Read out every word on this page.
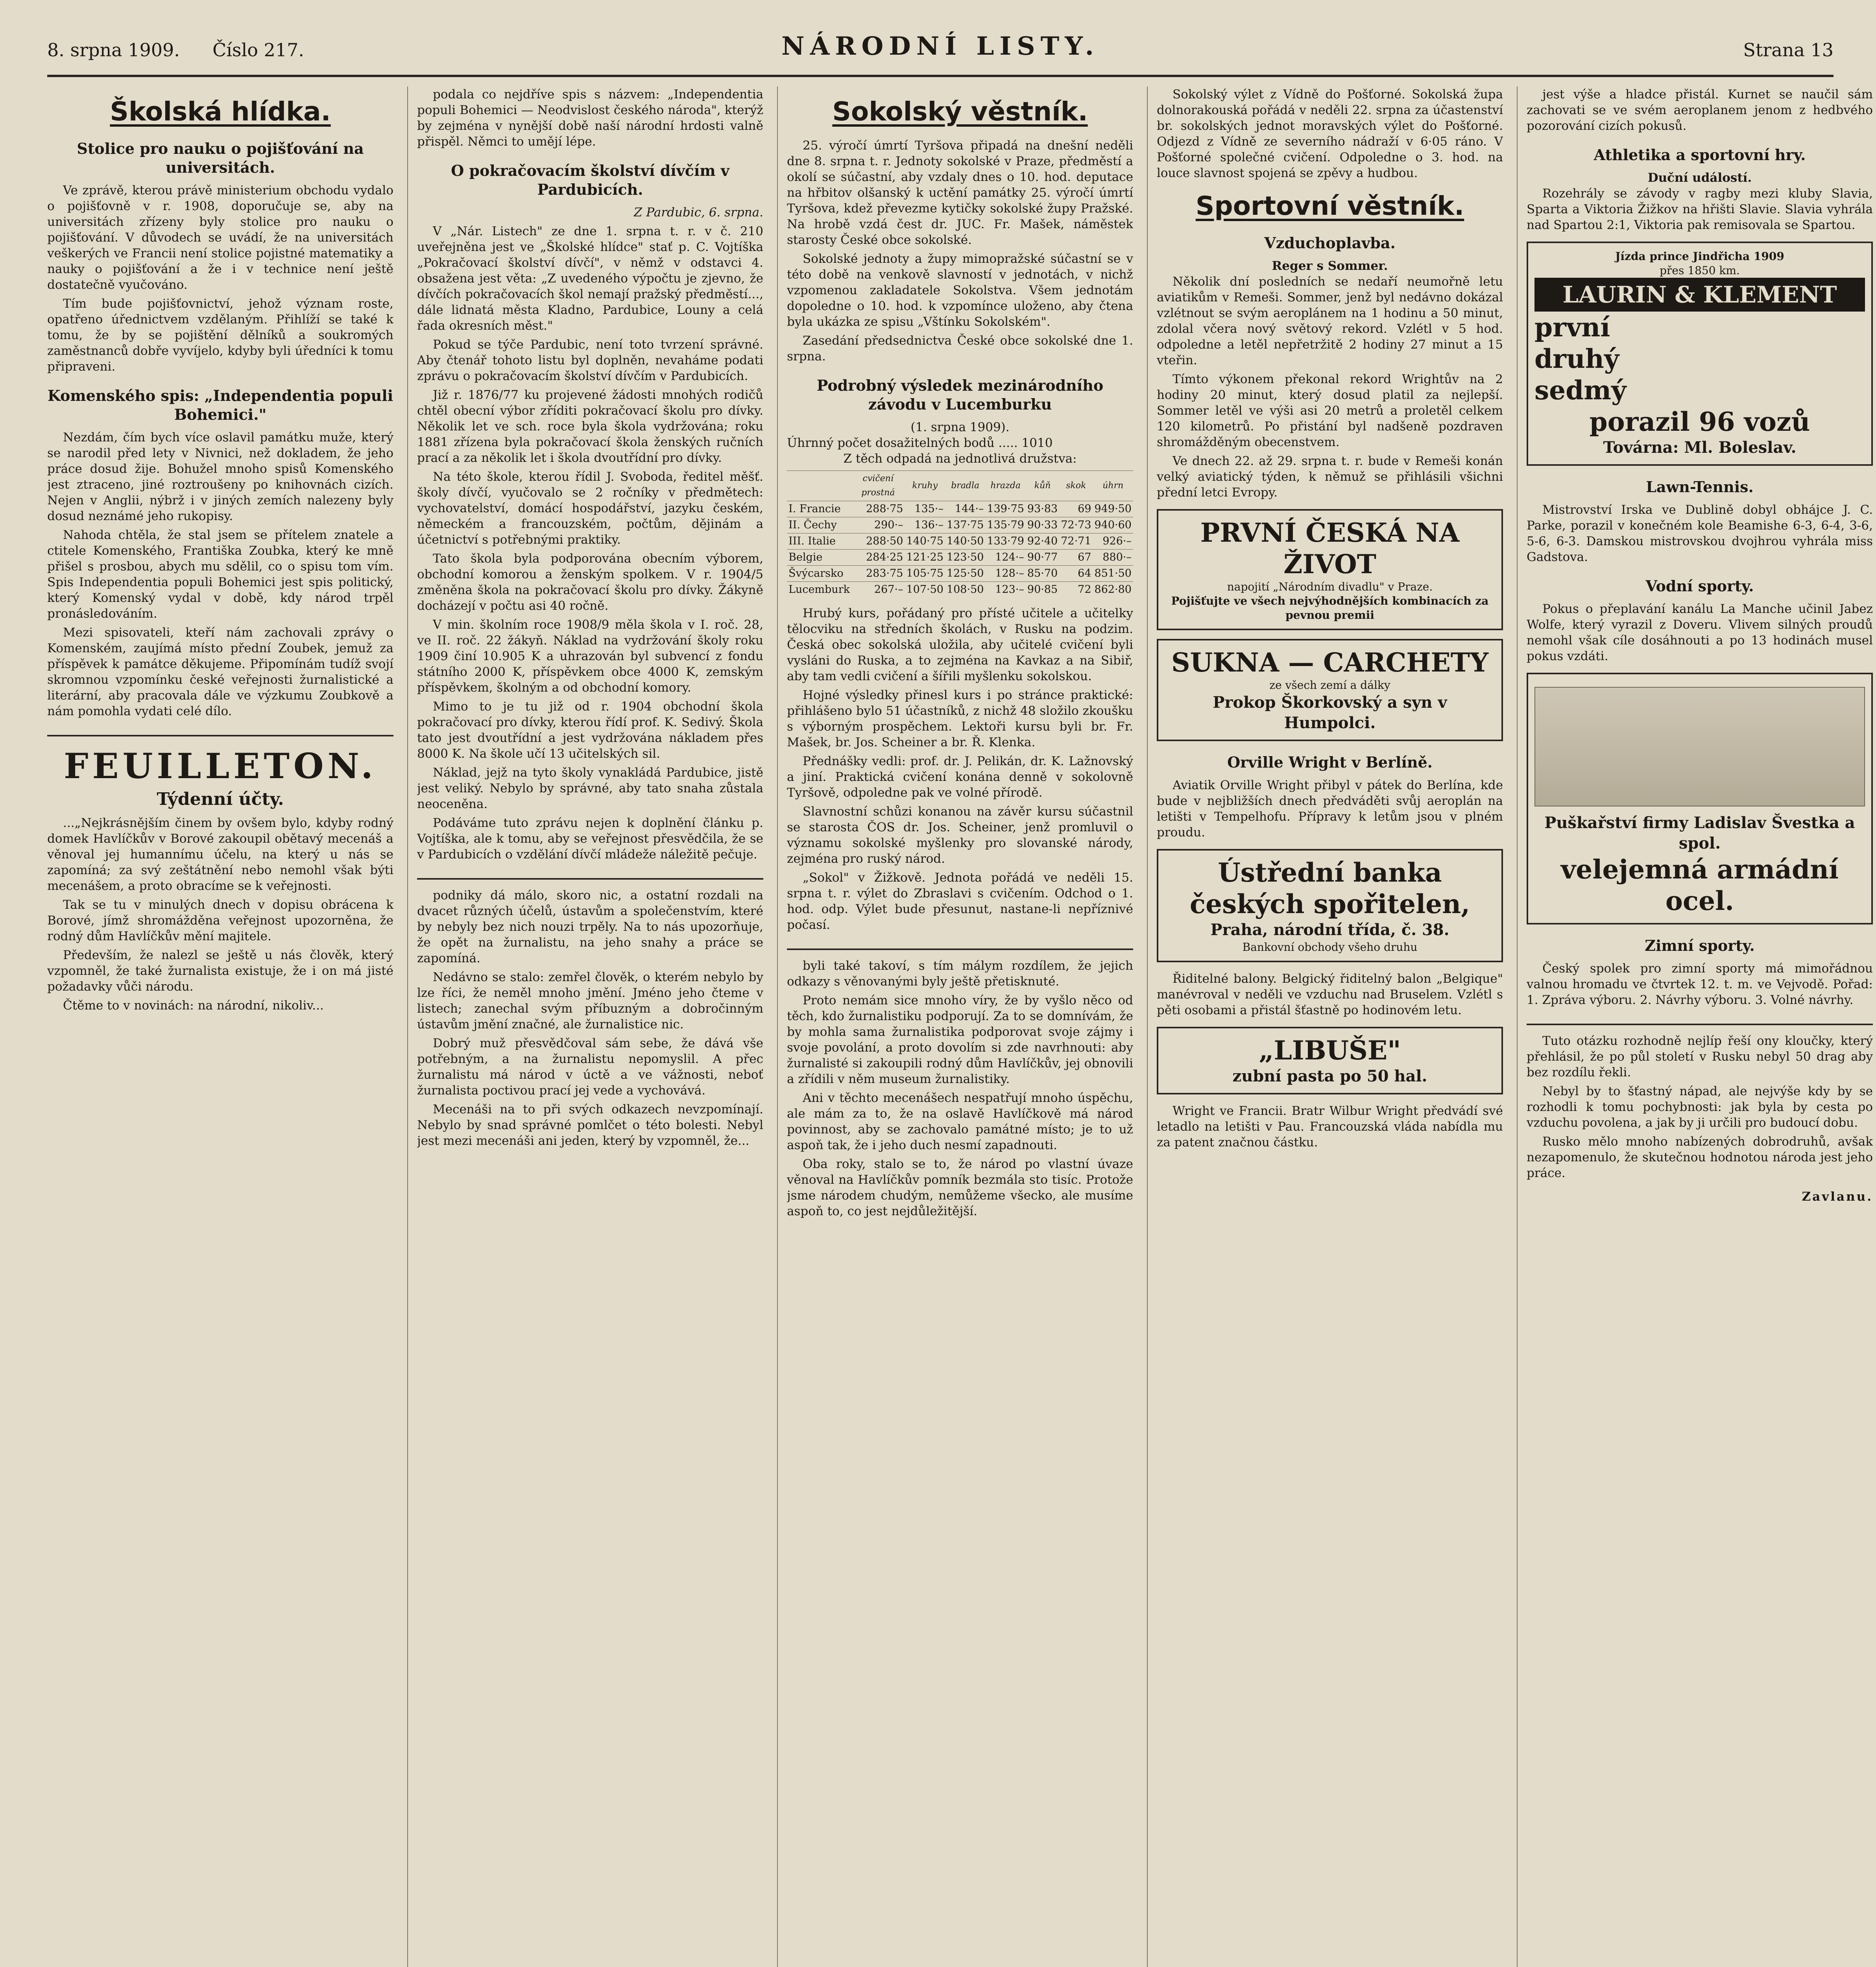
8. srpna 1909.	NÁRODNÍ LISTY.	Strana 13
Číslo 217.
Školská hlídka.
Stolice pro nauku o pojišťování na universitách.

Ve zprávě, kterou právě ministerium obchodu vydalo o pojišťovně v r. 1908, doporučuje se, aby na universitách zřízeny byly stolice pro nauku o pojišťování. V důvodech se uvádí, že na universitách veškerých ve Francii není stolice pojistné matematiky a nauky o pojišťování a že i v technice není ještě dostatečně vyučováno.

Tím bude pojišťovnictví, jehož význam roste, opatřeno úřednictvem vzdělaným. Přihlíží se také k tomu, že by se pojištění dělníků a soukromých zaměstnanců dobře vyvíjelo, kdyby byli úředníci k tomu připraveni.

Komenského spis: „Independentia populi Bohemici."

Nezdám, čím bych více oslavil památku muže, který se narodil před lety v Nivnici, než dokladem, že jeho práce dosud žije. Bohužel mnoho spisů Komenského jest ztraceno, jiné roztroušeny po knihovnách cizích. Nejen v Anglii, nýbrž i v jiných zemích nalezeny byly dosud neznámé jeho rukopisy.

Nahoda chtěla, že stal jsem se přítelem znatele a ctitele Komenského, Františka Zoubka, který ke mně přišel s prosbou, abych mu sdělil, co o spisu tom vím. Spis Independentia populi Bohemici jest spis politický, který Komenský vydal v době, kdy národ trpěl pronásledováním.

Mezi spisovateli, kteří nám zachovali zprávy o Komenském, zaujímá místo přední Zoubek, jemuž za příspěvek k památce děkujeme. Připomínám tudíž svojí skromnou vzpomínku české veřejnosti žurnalistické a literární, aby pracovala dále ve výzkumu Zoubkově a nám pomohla vydati celé dílo.

FEUILLETON.
Týdenní účty.

...„Nejkrásnějším činem by ovšem bylo, kdyby rodný domek Havlíčkův v Borové zakoupil obětavý mecenáš a věnoval jej humannímu účelu, na který u nás se zapomíná; za svý zeštátnění nebo nemohl však býti mecenášem, a proto obracíme se k veřejnosti.

Tak se tu v minulých dnech v dopisu obrácena k Borové, jímž shromážděna veřejnost upozorněna, že rodný dům Havlíčkův mění majitele.

Především, že nalezl se ještě u nás člověk, který vzpomněl, že také žurnalista existuje, že i on má jisté požadavky vůči národu.

Čtěme to v novinách: na národní, nikoliv...

podala co nejdříve spis s názvem: „Independentia populi Bohemici — Neodvislost českého národa", kterýž by zejména v nynější době naší národní hrdosti valně přispěl. Němci to umějí lépe.

O pokračovacím školství dívčím v Pardubicích.
Z Pardubic, 6. srpna.

V „Nár. Listech" ze dne 1. srpna t. r. v č. 210 uveřejněna jest ve „Školské hlídce" stať p. C. Vojtíška „Pokračovací školství dívčí", v němž v odstavci 4. obsažena jest věta: „Z uvedeného výpočtu je zjevno, že dívčích pokračovacích škol nemají pražský předměstí..., dále lidnatá města Kladno, Pardubice, Louny a celá řada okresních měst."

Pokud se týče Pardubic, není toto tvrzení správné. Aby čtenář tohoto listu byl doplněn, nevaháme podati zprávu o pokračovacím školství dívčím v Pardubicích.

Již r. 1876/77 ku projevené žádosti mnohých rodičů chtěl obecní výbor zříditi pokračovací školu pro dívky. Několik let ve sch. roce byla škola vydržována; roku 1881 zřízena byla pokračovací škola ženských ručních prací a za několik let i škola dvoutřídní pro dívky.

Na této škole, kterou řídil J. Svoboda, ředitel měšť. školy dívčí, vyučovalo se 2 ročníky v předmětech: vychovatelství, domácí hospodářství, jazyku českém, německém a francouzském, počtům, dějinám a účetnictví s potřebnými praktiky.

Tato škola byla podporována obecním výborem, obchodní komorou a ženským spolkem. V r. 1904/5 změněna škola na pokračovací školu pro dívky. Žákyně docházejí v počtu asi 40 ročně.

V min. školním roce 1908/9 měla škola v I. roč. 28, ve II. roč. 22 žákyň. Náklad na vydržování školy roku 1909 činí 10.905 K a uhrazován byl subvencí z fondu státního 2000 K, příspěvkem obce 4000 K, zemským příspěvkem, školným a od obchodní komory.

Mimo to je tu již od r. 1904 obchodní škola pokračovací pro dívky, kterou řídí prof. K. Sedivý. Škola tato jest dvoutřídní a jest vydržována nákladem přes 8000 K. Na škole učí 13 učitelských sil.

Náklad, jejž na tyto školy vynakládá Pardubice, jistě jest veliký. Nebylo by správné, aby tato snaha zůstala neoceněna.

Podáváme tuto zprávu nejen k doplnění článku p. Vojtíška, ale k tomu, aby se veřejnost přesvědčila, že se v Pardubicích o vzdělání dívčí mládeže náležitě pečuje.

podniky dá málo, skoro nic, a ostatní rozdali na dvacet různých účelů, ústavům a společenstvím, které by nebyly bez nich nouzi trpěly. Na to nás upozorňuje, že opět na žurnalistu, na jeho snahy a práce se zapomíná.

Nedávno se stalo: zemřel člověk, o kterém nebylo by lze říci, že neměl mnoho jmění. Jméno jeho čteme v listech; zanechal svým příbuzným a dobročinným ústavům jmění značné, ale žurnalistice nic.

Dobrý muž přesvědčoval sám sebe, že dává vše potřebným, a na žurnalistu nepomyslil. A přec žurnalistu má národ v úctě a ve vážnosti, neboť žurnalista poctivou prací jej vede a vychovává.

Mecenáši na to při svých odkazech nevzpomínají. Nebylo by snad správné pomlčet o této bolesti. Nebyl jest mezi mecenáši ani jeden, který by vzpomněl, že...

Sokolský věstník.

25. výročí úmrtí Tyršova připadá na dnešní neděli dne 8. srpna t. r. Jednoty sokolské v Praze, předměstí a okolí se súčastní, aby vzdaly dnes o 10. hod. deputace na hřbitov olšanský k uctění památky 25. výročí úmrtí Tyršova, kdež převezme kytičky sokolské župy Pražské. Na hrobě vzdá čest dr. JUC. Fr. Mašek, náměstek starosty České obce sokolské.

Sokolské jednoty a župy mimopražské súčastní se v této době na venkově slavností v jednotách, v nichž vzpomenou zakladatele Sokolstva. Všem jednotám dopoledne o 10. hod. k vzpomínce uloženo, aby čtena byla ukázka ze spisu „Vštínku Sokolském".

Zasedání předsednictva České obce sokolské dne 1. srpna.

Podrobný výsledek mezinárodního závodu v Lucemburku
(1. srpna 1909).
Úhrnný počet dosažitelných bodů ..... 1010
Z těch odpadá na jednotlivá družstva:
	cvičení prostná	kruhy	bradla	hrazda	kůň	skok	úhrn
I. Francie	288·75	135·–	144·–	139·75	93·83	69	949·50
II. Čechy	290·–	136·–	137·75	135·79	90·33	72·73	940·60
III. Italie	288·50	140·75	140·50	133·79	92·40	72·71	926·–
Belgie	284·25	121·25	123·50	124·–	90·77	67	880·–
Švýcarsko	283·75	105·75	125·50	128·–	85·70	64	851·50
Lucemburk	267·–	107·50	108·50	123·–	90·85	72	862·80

Hrubý kurs, pořádaný pro přísté učitele a učitelky tělocviku na středních školách, v Rusku na podzim. Česká obec sokolská uložila, aby učitelé cvičení byli vysláni do Ruska, a to zejména na Kavkaz a na Sibiř, aby tam vedli cvičení a šířili myšlenku sokolskou.

Hojné výsledky přinesl kurs i po stránce praktické: přihlášeno bylo 51 účastníků, z nichž 48 složilo zkoušku s výborným prospěchem. Lektoři kursu byli br. Fr. Mašek, br. Jos. Scheiner a br. Ř. Klenka.

Přednášky vedli: prof. dr. J. Pelikán, dr. K. Lažnovský a jiní. Praktická cvičení konána denně v sokolovně Tyršově, odpoledne pak ve volné přírodě.

Slavnostní schůzi konanou na závěr kursu súčastnil se starosta ČOS dr. Jos. Scheiner, jenž promluvil o významu sokolské myšlenky pro slovanské národy, zejména pro ruský národ.

„Sokol" v Žižkově. Jednota pořádá ve neděli 15. srpna t. r. výlet do Zbraslavi s cvičením. Odchod o 1. hod. odp. Výlet bude přesunut, nastane-li nepříznivé počasí.

byli také takoví, s tím málym rozdílem, že jejich odkazy s věnovanými byly ještě přetisknuté.

Proto nemám sice mnoho víry, že by vyšlo něco od těch, kdo žurnalistiku podporují. Za to se domnívám, že by mohla sama žurnalistika podporovat svoje zájmy i svoje povolání, a proto dovolím si zde navrhnouti: aby žurnalisté si zakoupili rodný dům Havlíčkův, jej obnovili a zřídili v něm museum žurnalistiky.

Ani v těchto mecenášech nespatřují mnoho úspěchu, ale mám za to, že na oslavě Havlíčkově má národ povinnost, aby se zachovalo památné místo; je to už aspoň tak, že i jeho duch nesmí zapadnouti.

Oba roky, stalo se to, že národ po vlastní úvaze věnoval na Havlíčkův pomník bezmála sto tisíc. Protože jsme národem chudým, nemůžeme všecko, ale musíme aspoň to, co jest nejdůležitější.

Sokolský výlet z Vídně do Pošťorné. Sokolská župa dolnorakouská pořádá v neděli 22. srpna za účastenství br. sokolských jednot moravských výlet do Pošťorné. Odjezd z Vídně ze severního nádraží v 6·05 ráno. V Pošťorné společné cvičení. Odpoledne o 3. hod. na louce slavnost spojená se zpěvy a hudbou.

Sportovní věstník.
Vzduchoplavba.
Reger s Sommer.

Několik dní posledních se nedaří neumořně letu aviatikům v Remeši. Sommer, jenž byl nedávno dokázal vzlétnout se svým aeroplánem na 1 hodinu a 50 minut, zdolal včera nový světový rekord. Vzlétl v 5 hod. odpoledne a letěl nepřetržitě 2 hodiny 27 minut a 15 vteřin.

Tímto výkonem překonal rekord Wrightův na 2 hodiny 20 minut, který dosud platil za nejlepší. Sommer letěl ve výši asi 20 metrů a proletěl celkem 120 kilometrů. Po přistání byl nadšeně pozdraven shromážděným obecenstvem.

Ve dnech 22. až 29. srpna t. r. bude v Remeši konán velký aviatický týden, k němuž se přihlásili všichni přední letci Evropy.

PRVNÍ ČESKÁ NA ŽIVOT
napojití „Národním divadlu" v Praze.
Pojišťujte ve všech nejvýhodnějších kombinacích za pevnou premii
SUKNA — CARCHETY
ze všech zemí a dálky
Prokop Škorkovský a syn v Humpolci.
Orville Wright v Berlíně.

Aviatik Orville Wright přibyl v pátek do Berlína, kde bude v nejbližších dnech předváděti svůj aeroplán na letišti v Tempelhofu. Přípravy k letům jsou v plném proudu.

Ústřední banka
českých spořitelen,
Praha, národní třída, č. 38.
Bankovní obchody všeho druhu

Řiditelné balony. Belgický řiditelný balon „Belgique" manévroval v neděli ve vzduchu nad Bruselem. Vzlétl s pěti osobami a přistál šťastně po hodinovém letu.

„LIBUŠE"
zubní pasta po 50 hal.

Wright ve Francii. Bratr Wilbur Wright předvádí své letadlo na letišti v Pau. Francouzská vláda nabídla mu za patent značnou částku.

jest výše a hladce přistál. Kurnet se naučil sám zachovati se ve svém aeroplanem jenom z hedbvého pozorování cizích pokusů.

Athletika a sportovní hry.
Duční událostí.

Rozehrály se závody v ragby mezi kluby Slavia, Sparta a Viktoria Žižkov na hřišti Slavie. Slavia vyhrála nad Spartou 2:1, Viktoria pak remisovala se Spartou.

Jízda prince Jindřicha 1909
přes 1850 km.
LAURIN & KLEMENT
první
druhý
sedmý
porazil 96 vozů
Továrna: Ml. Boleslav.
Lawn-Tennis.

Mistrovství Irska ve Dublině dobyl obhájce J. C. Parke, porazil v konečném kole Beamishe 6-3, 6-4, 3-6, 5-6, 6-3. Damskou mistrovskou dvojhrou vyhrála miss Gadstova.

Vodní sporty.

Pokus o přeplavání kanálu La Manche učinil Jabez Wolfe, který vyrazil z Doveru. Vlivem silných proudů nemohl však cíle dosáhnouti a po 13 hodinách musel pokus vzdáti.

Puškařství firmy Ladislav Švestka a spol.
velejemná armádní ocel.
Zimní sporty.

Český spolek pro zimní sporty má mimořádnou valnou hromadu ve čtvrtek 12. t. m. ve Vejvodě. Pořad: 1. Zpráva výboru. 2. Návrhy výboru. 3. Volné návrhy.

Tuto otázku rozhodně nejlíp řeší ony kloučky, který přehlásil, že po půl století v Rusku nebyl 50 drag aby bez rozdílu řekli.

Nebyl by to šťastný nápad, ale nejvýše kdy by se rozhodli k tomu pochybnosti: jak byla by cesta po vzduchu povolena, a jak by ji určili pro budoucí dobu.

Rusko mělo mnoho nabízených dobrodruhů, avšak nezapomenulo, že skutečnou hodnotou národa jest jeho práce.

Zavlanu.
